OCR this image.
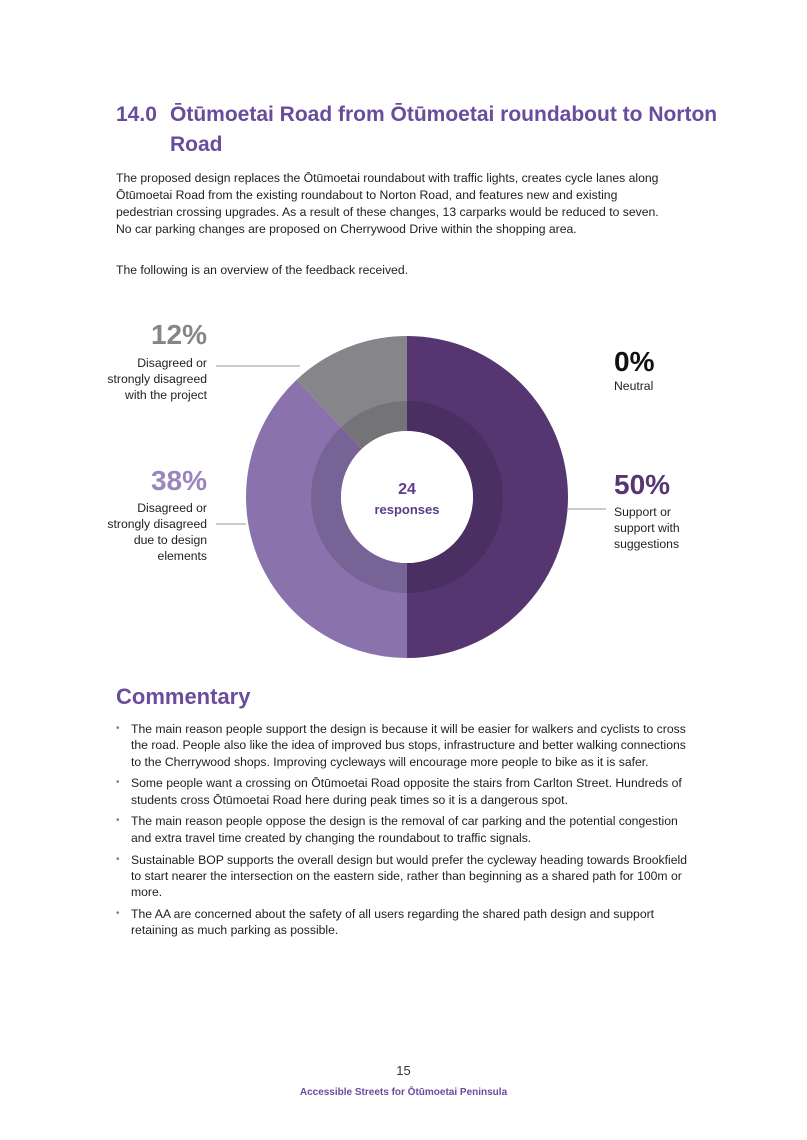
14.0 Ōtūmoetai Road from Ōtūmoetai roundabout to Norton Road

The proposed design replaces the Ōtūmoetai roundabout with traffic lights, creates cycle lanes along Ōtūmoetai Road from the existing roundabout to Norton Road, and features new and existing pedestrian crossing upgrades. As a result of these changes, 13 carparks would be reduced to seven. No car parking changes are proposed on Cherrywood Drive within the shopping area.

The following is an overview of the feedback received.

24
responses
12%
Disagreed or strongly disagreed with the project
38%
Disagreed or strongly disagreed due to design elements
0%
Neutral
50%
Support or support with suggestions
Commentary
• The main reason people support the design is because it will be easier for walkers and cyclists to cross the road. People also like the idea of improved bus stops, infrastructure and better walking connections to the Cherrywood shops. Improving cycleways will encourage more people to bike as it is safer.
• Some people want a crossing on Ōtūmoetai Road opposite the stairs from Carlton Street. Hundreds of students cross Ōtūmoetai Road here during peak times so it is a dangerous spot.
• The main reason people oppose the design is the removal of car parking and the potential congestion and extra travel time created by changing the roundabout to traffic signals.
• Sustainable BOP supports the overall design but would prefer the cycleway heading towards Brookfield to start nearer the intersection on the eastern side, rather than beginning as a shared path for 100m or more.
• The AA are concerned about the safety of all users regarding the shared path design and support retaining as much parking as possible.
15
Accessible Streets for Ōtūmoetai Peninsula
